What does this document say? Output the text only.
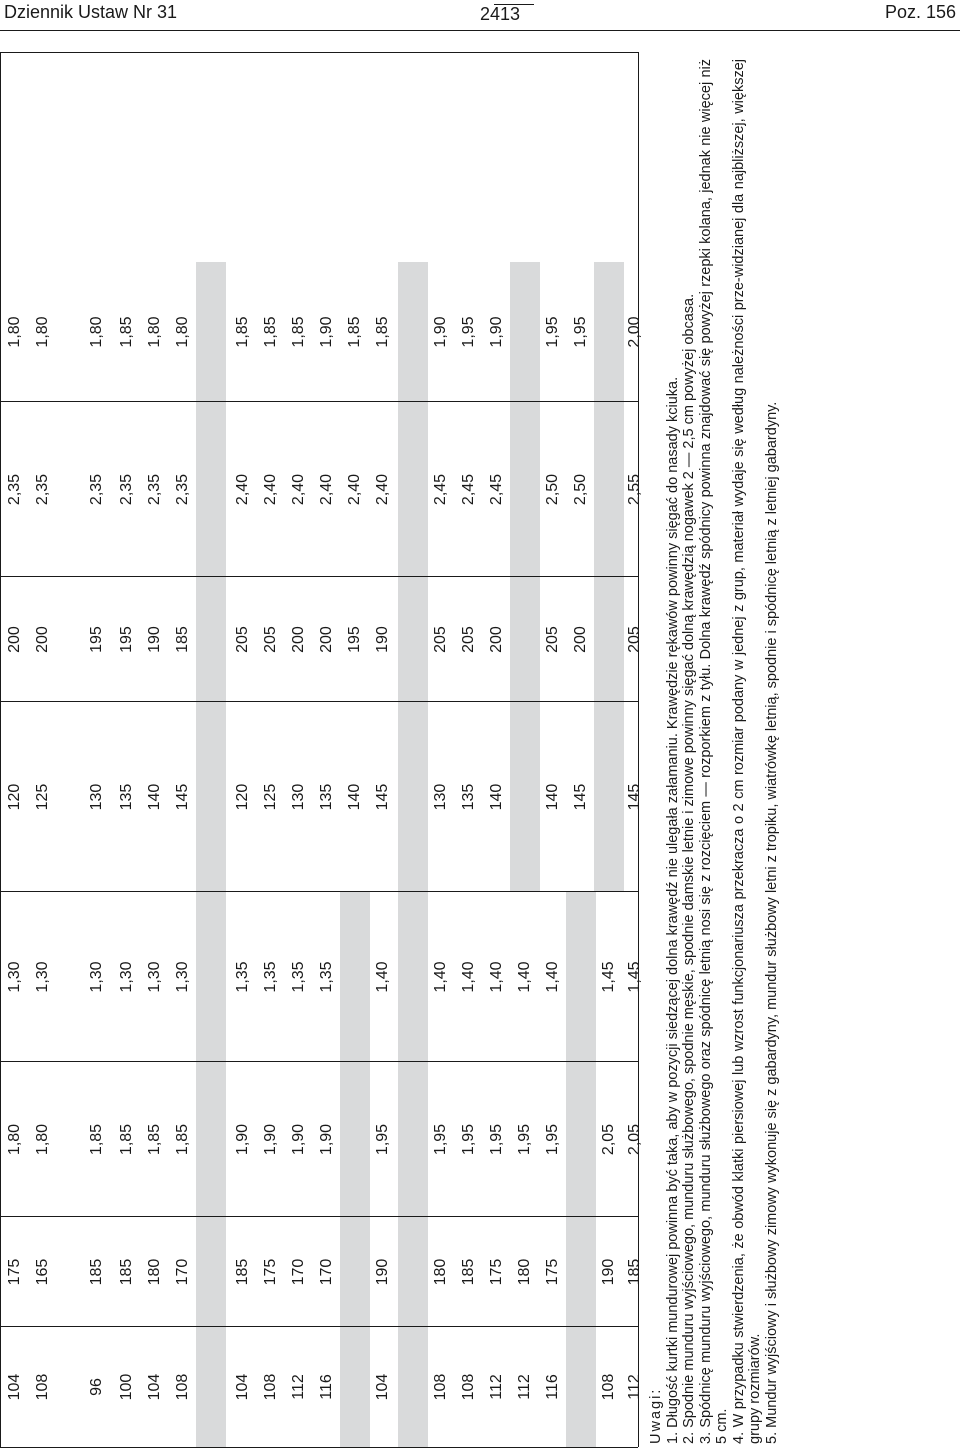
Dziennik Ustaw Nr 31	2413	Poz. 156
104
175
1,80
1,30
120
200
2,35
1,80
108
165
1,80
1,30
125
200
2,35
1,80
96
185
1,85
1,30
130
195
2,35
1,80
100
185
1,85
1,30
135
195
2,35
1,85
104
180
1,85
1,30
140
190
2,35
1,80
108
170
1,85
1,30
145
185
2,35
1,80
104
185
1,90
1,35
120
205
2,40
1,85
108
175
1,90
1,35
125
205
2,40
1,85
112
170
1,90
1,35
130
200
2,40
1,85
116
170
1,90
1,35
135
200
2,40
1,90
140
195
2,40
1,85
104
190
1,95
1,40
145
190
2,40
1,85
108
180
1,95
1,40
130
205
2,45
1,90
108
185
1,95
1,40
135
205
2,45
1,95
112
175
1,95
1,40
140
200
2,45
1,90
112
180
1,95
1,40
116
175
1,95
1,40
140
205
2,50
1,95
145
200
2,50
1,95
108
190
2,05
1,45
112
185
2,05
1,45
145
205
2,55
2,00
Uwagi: 1. Długość kurtki mundurowej powinna być taka, aby w pozycji siedzącej dolna krawędź nie ulegała załamaniu. Krawędzie rękawów powinny sięgać do nasady kciuka. 2. Spodnie munduru wyjściowego, munduru służbowego, spodnie męskie, spodnie damskie letnie i zimowe powinny sięgać dolną krawędzią nogawek 2 — 2,5 cm powyżej obcasa. 3. Spódnicę munduru wyjściowego, munduru służbowego oraz spódnicę letnią nosi się z rozcięciem — rozporkiem z tyłu. Dolna krawędź spódnicy powinna znajdować się powyżej rzepki kolana, jednak nie więcej niż 5 cm. 4. W przypadku stwierdzenia, że obwód klatki piersiowej lub wzrost funkcjonariusza przekracza o 2 cm rozmiar podany w jednej z grup, materiał wydaje się według należności prze-widzianej dla najbliższej, większej grupy rozmiarów. 5. Mundur wyjściowy i służbowy zimowy wykonuje się z gabardyny, mundur służbowy letni z tropiku, wiatrówkę letnią, spodnie i spódnicę letnią z letniej gabardyny.
